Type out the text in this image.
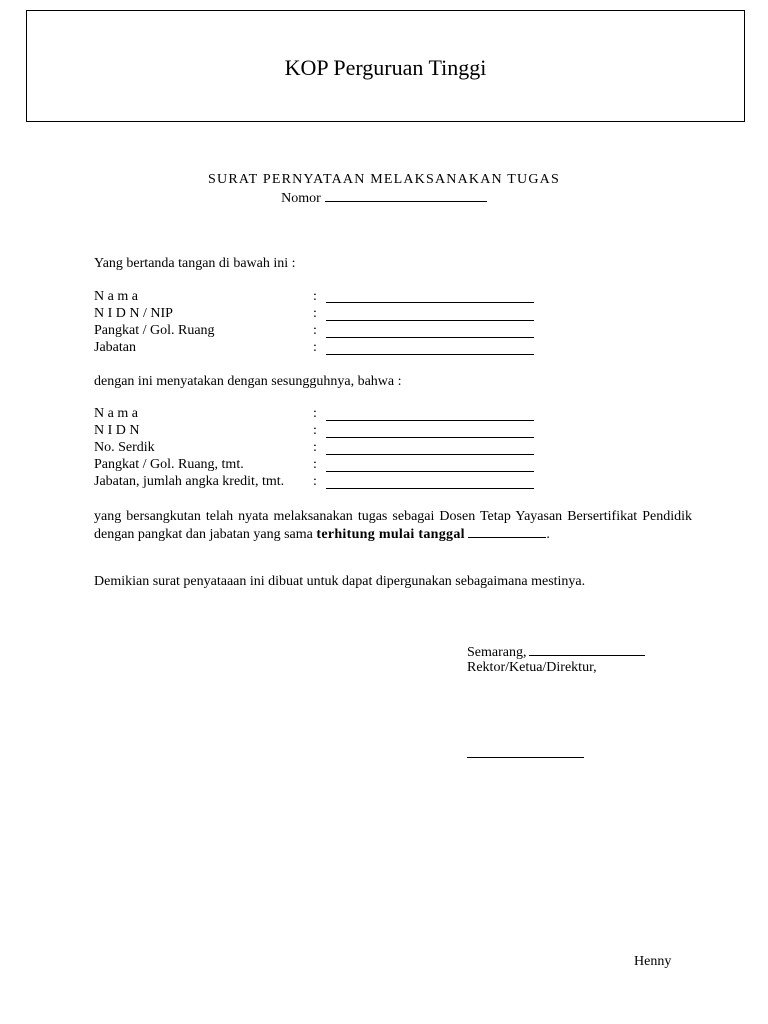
KOP Perguruan Tinggi
SURAT PERNYATAAN MELAKSANAKAN TUGAS
Nomor
Yang bertanda tangan di bawah ini :
N a m a	:
N I D N / NIP	:
Pangkat / Gol. Ruang	:
Jabatan	:
dengan ini menyatakan dengan sesungguhnya, bahwa :
N a m a	:
N I D N	:
No. Serdik	:
Pangkat / Gol. Ruang, tmt.	:
Jabatan, jumlah angka kredit, tmt. :
yang bersangkutan telah nyata melaksanakan tugas sebagai Dosen Tetap Yayasan Bersertifikat Pendidik dengan pangkat dan jabatan yang sama terhitung mulai tanggal	.
Demikian surat penyataaan ini dibuat untuk dapat dipergunakan sebagaimana mestinya.
Semarang,
Rektor/Ketua/Direktur,
Henny
